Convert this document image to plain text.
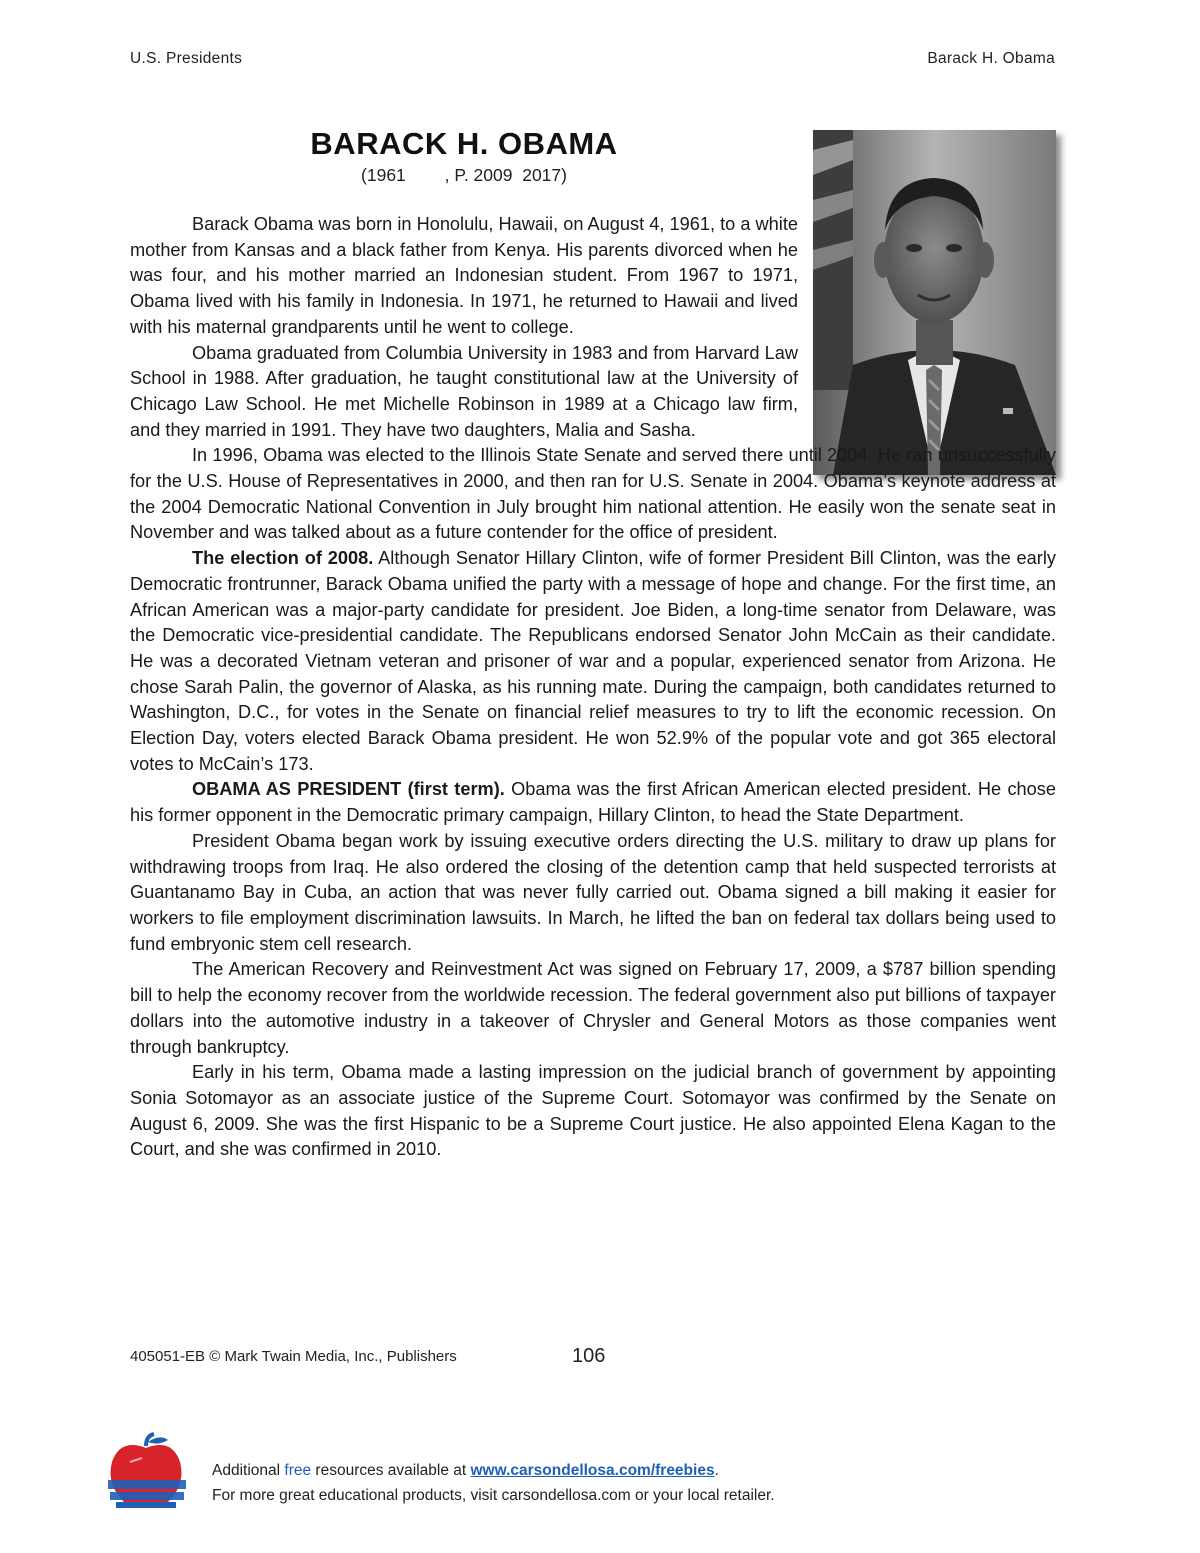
U.S. Presidents	Barack H. Obama
BARACK H. OBAMA
(1961        , P. 2009  2017)

Barack Obama was born in Honolulu, Hawaii, on August 4, 1961, to a white mother from Kansas and a black father from Kenya. His parents divorced when he was four, and his mother married an Indonesian student. From 1967 to 1971, Obama lived with his family in Indonesia. In 1971, he returned to Hawaii and lived with his maternal grandparents until he went to college.

Obama graduated from Columbia University in 1983 and from Harvard Law School in 1988. After graduation, he taught constitutional law at the University of Chicago Law School. He met Michelle Robinson in 1989 at a Chicago law firm, and they married in 1991. They have two daughters, Malia and Sasha.

In 1996, Obama was elected to the Illinois State Senate and served there until 2004. He ran unsuccessfully for the U.S. House of Representatives in 2000, and then ran for U.S. Senate in 2004. Obama’s keynote address at the 2004 Democratic National Convention in July brought him national attention. He easily won the senate seat in November and was talked about as a future contender for the office of president.

The election of 2008. Although Senator Hillary Clinton, wife of former President Bill Clinton, was the early Democratic frontrunner, Barack Obama unified the party with a message of hope and change. For the first time, an African American was a major-party candidate for president. Joe Biden, a long-time senator from Delaware, was the Democratic vice-presidential candidate. The Republicans endorsed Senator John McCain as their candidate. He was a decorated Vietnam veteran and prisoner of war and a popular, experienced senator from Arizona. He chose Sarah Palin, the governor of Alaska, as his running mate. During the campaign, both candidates returned to Washington, D.C., for votes in the Senate on financial relief measures to try to lift the economic recession. On Election Day, voters elected Barack Obama president. He won 52.9% of the popular vote and got 365 electoral votes to McCain’s 173.

OBAMA AS PRESIDENT (first term). Obama was the first African American elected president. He chose his former opponent in the Democratic primary campaign, Hillary Clinton, to head the State Department.

President Obama began work by issuing executive orders directing the U.S. military to draw up plans for withdrawing troops from Iraq. He also ordered the closing of the detention camp that held suspected terrorists at Guantanamo Bay in Cuba, an action that was never fully carried out. Obama signed a bill making it easier for workers to file employment discrimination lawsuits. In March, he lifted the ban on federal tax dollars being used to fund embryonic stem cell research.

The American Recovery and Reinvestment Act was signed on February 17, 2009, a $787 billion spending bill to help the economy recover from the worldwide recession. The federal government also put billions of taxpayer dollars into the automotive industry in a takeover of Chrysler and General Motors as those companies went through bankruptcy.

Early in his term, Obama made a lasting impression on the judicial branch of government by appointing Sonia Sotomayor as an associate justice of the Supreme Court. Sotomayor was confirmed by the Senate on August 6, 2009. She was the first Hispanic to be a Supreme Court justice. He also appointed Elena Kagan to the Court, and she was confirmed in 2010.

405051-EB © Mark Twain Media, Inc., Publishers	106
Additional free resources available at www.carsondellosa.com/freebies.
For more great educational products, visit carsondellosa.com or your local retailer.
